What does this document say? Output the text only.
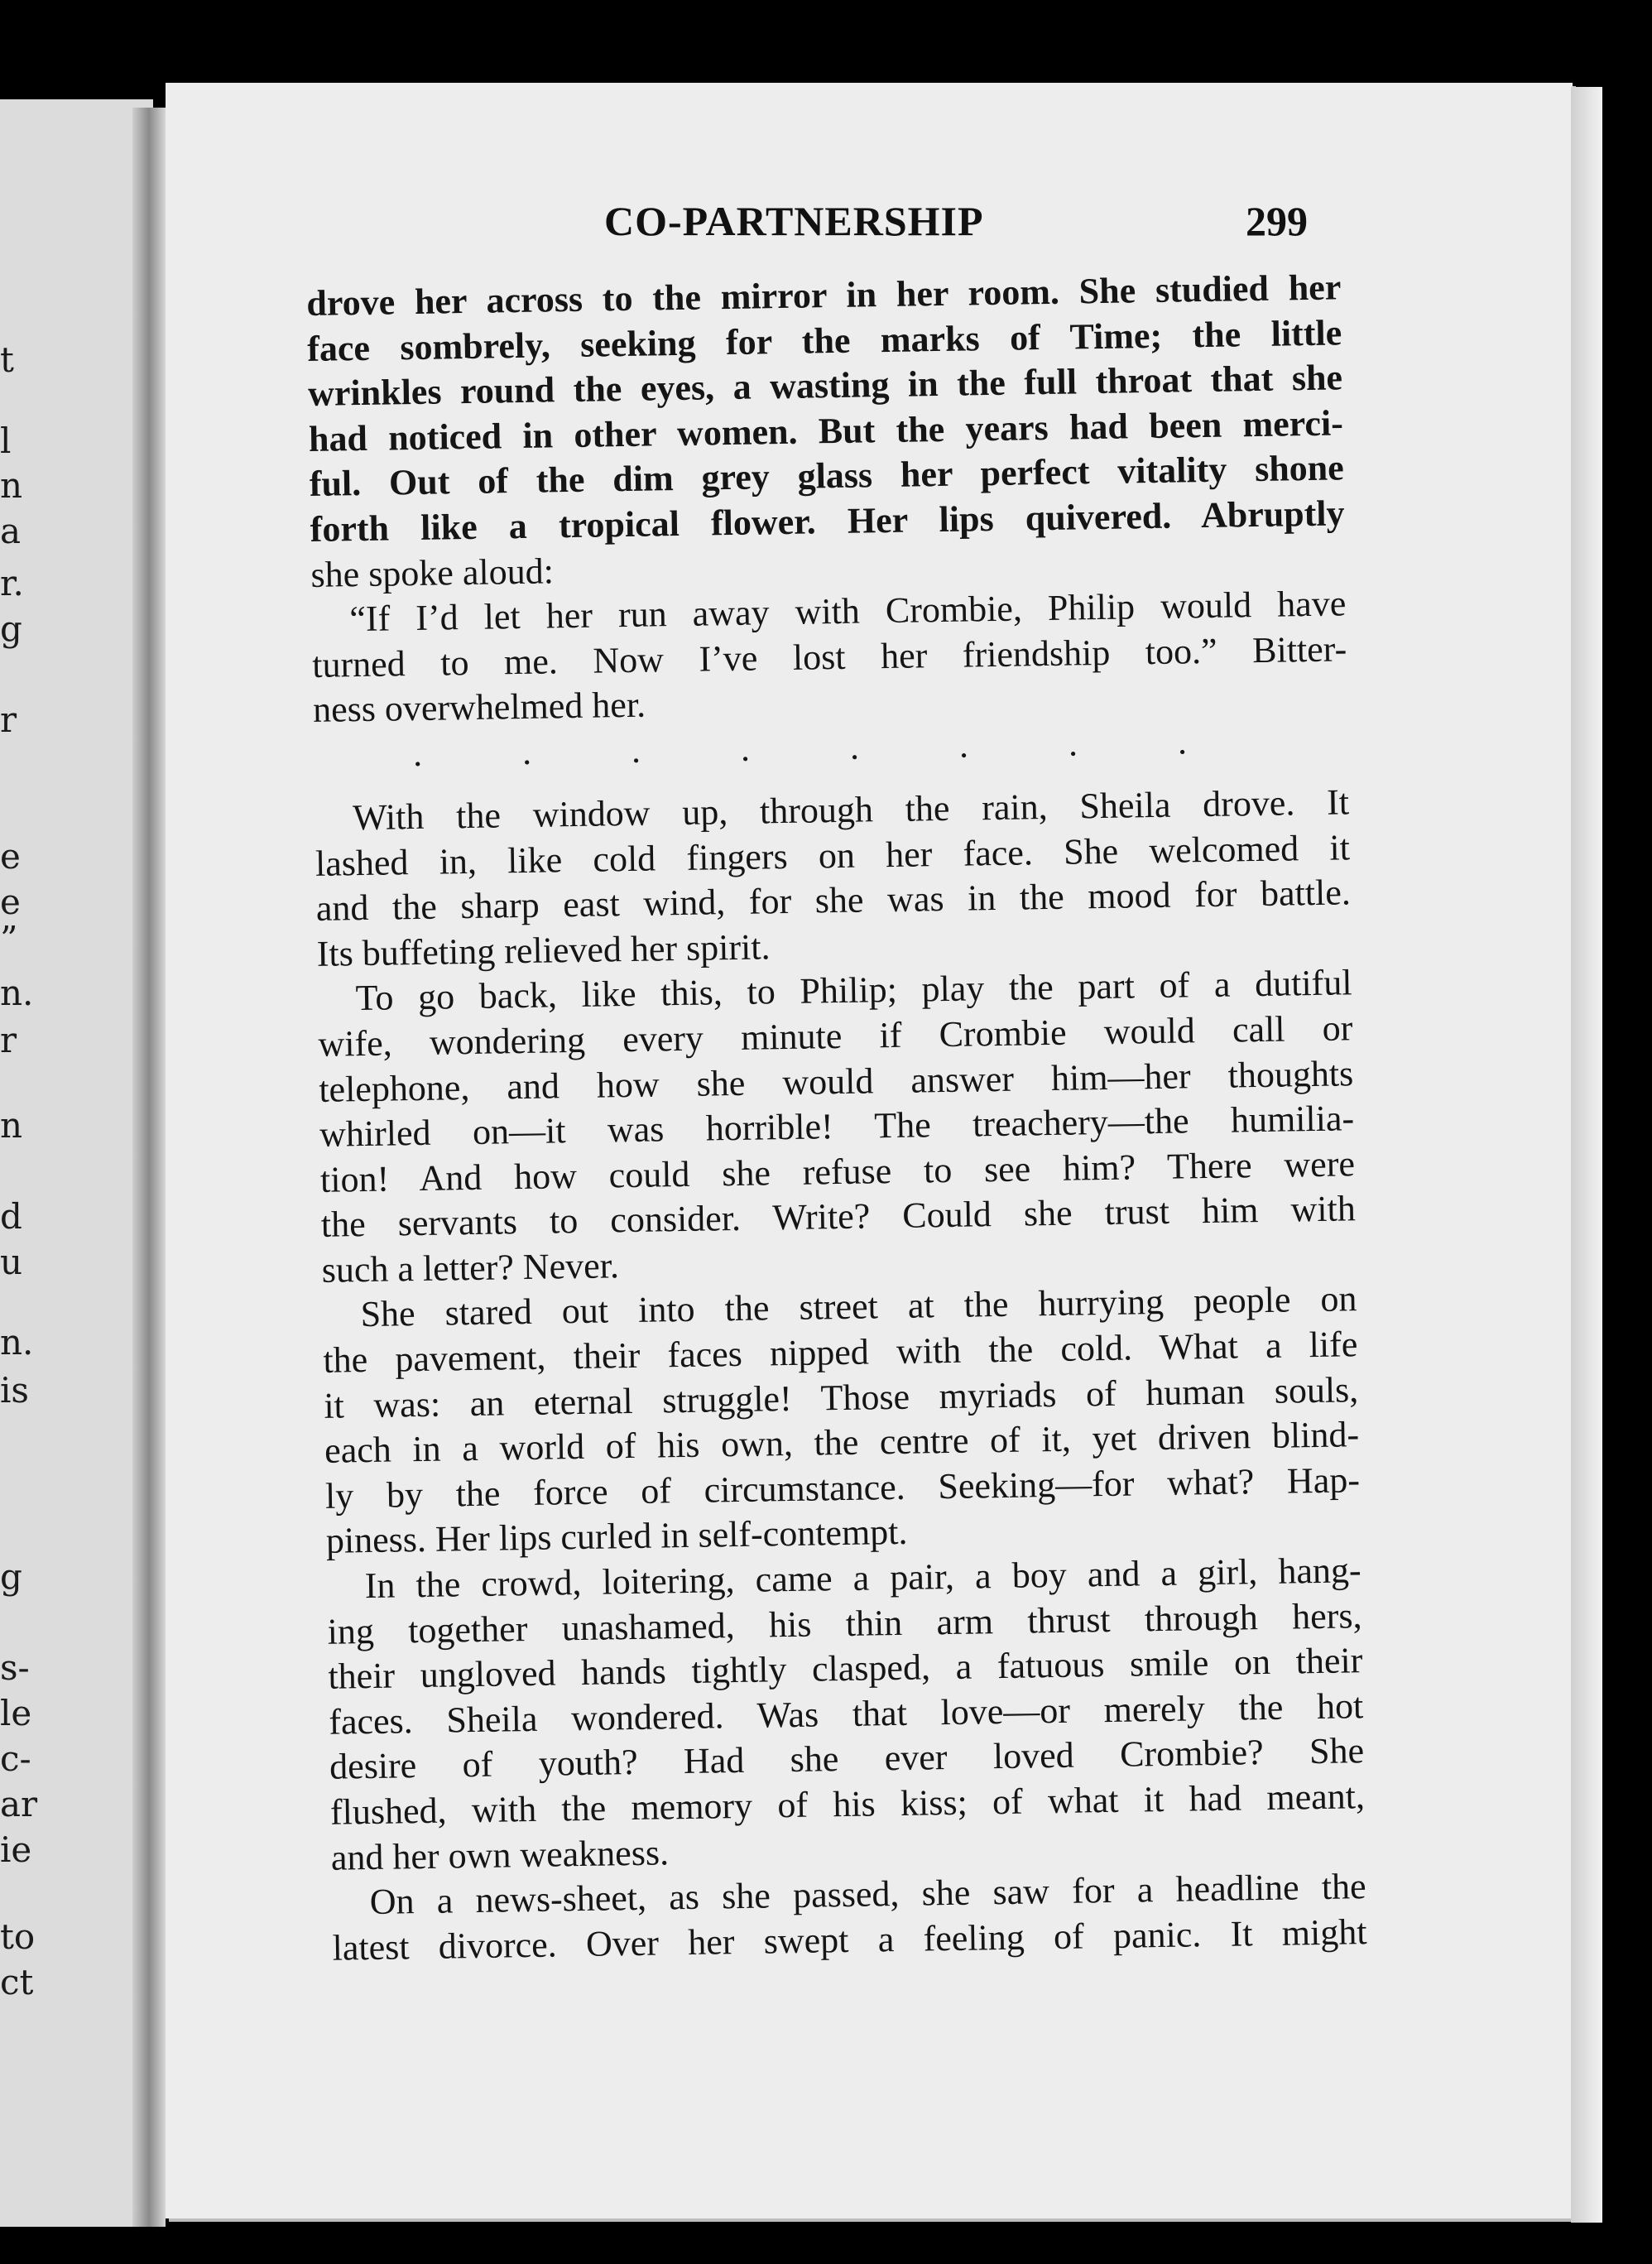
t
l
n
a
r.
g
r
e
e
”
n.
r
n
d
u
n.
is
g
s-
le
c-
ar
ie
to
ct
CO-PARTNERSHIP	299
drove her across to the mirror in her room. She studied her
face sombrely, seeking for the marks of Time; the little
wrinkles round the eyes, a wasting in the full throat that she
had noticed in other women. But the years had been merci-
ful. Out of the dim grey glass her perfect vitality shone
forth like a tropical flower. Her lips quivered. Abruptly
she spoke aloud:
“If I’d let her run away with Crombie, Philip would have
turned to me. Now I’ve lost her friendship too.” Bitter-
ness overwhelmed her.
. . . . . . . .
With the window up, through the rain, Sheila drove. It
lashed in, like cold fingers on her face. She welcomed it
and the sharp east wind, for she was in the mood for battle.
Its buffeting relieved her spirit.
To go back, like this, to Philip; play the part of a dutiful
wife, wondering every minute if Crombie would call or
telephone, and how she would answer him—her thoughts
whirled on—it was horrible! The treachery—the humilia-
tion! And how could she refuse to see him? There were
the servants to consider. Write? Could she trust him with
such a letter? Never.
She stared out into the street at the hurrying people on
the pavement, their faces nipped with the cold. What a life
it was: an eternal struggle! Those myriads of human souls,
each in a world of his own, the centre of it, yet driven blind-
ly by the force of circumstance. Seeking—for what? Hap-
piness. Her lips curled in self-contempt.
In the crowd, loitering, came a pair, a boy and a girl, hang-
ing together unashamed, his thin arm thrust through hers,
their ungloved hands tightly clasped, a fatuous smile on their
faces. Sheila wondered. Was that love—or merely the hot
desire of youth? Had she ever loved Crombie? She
flushed, with the memory of his kiss; of what it had meant,
and her own weakness.
On a news-sheet, as she passed, she saw for a headline the
latest divorce. Over her swept a feeling of panic. It might
